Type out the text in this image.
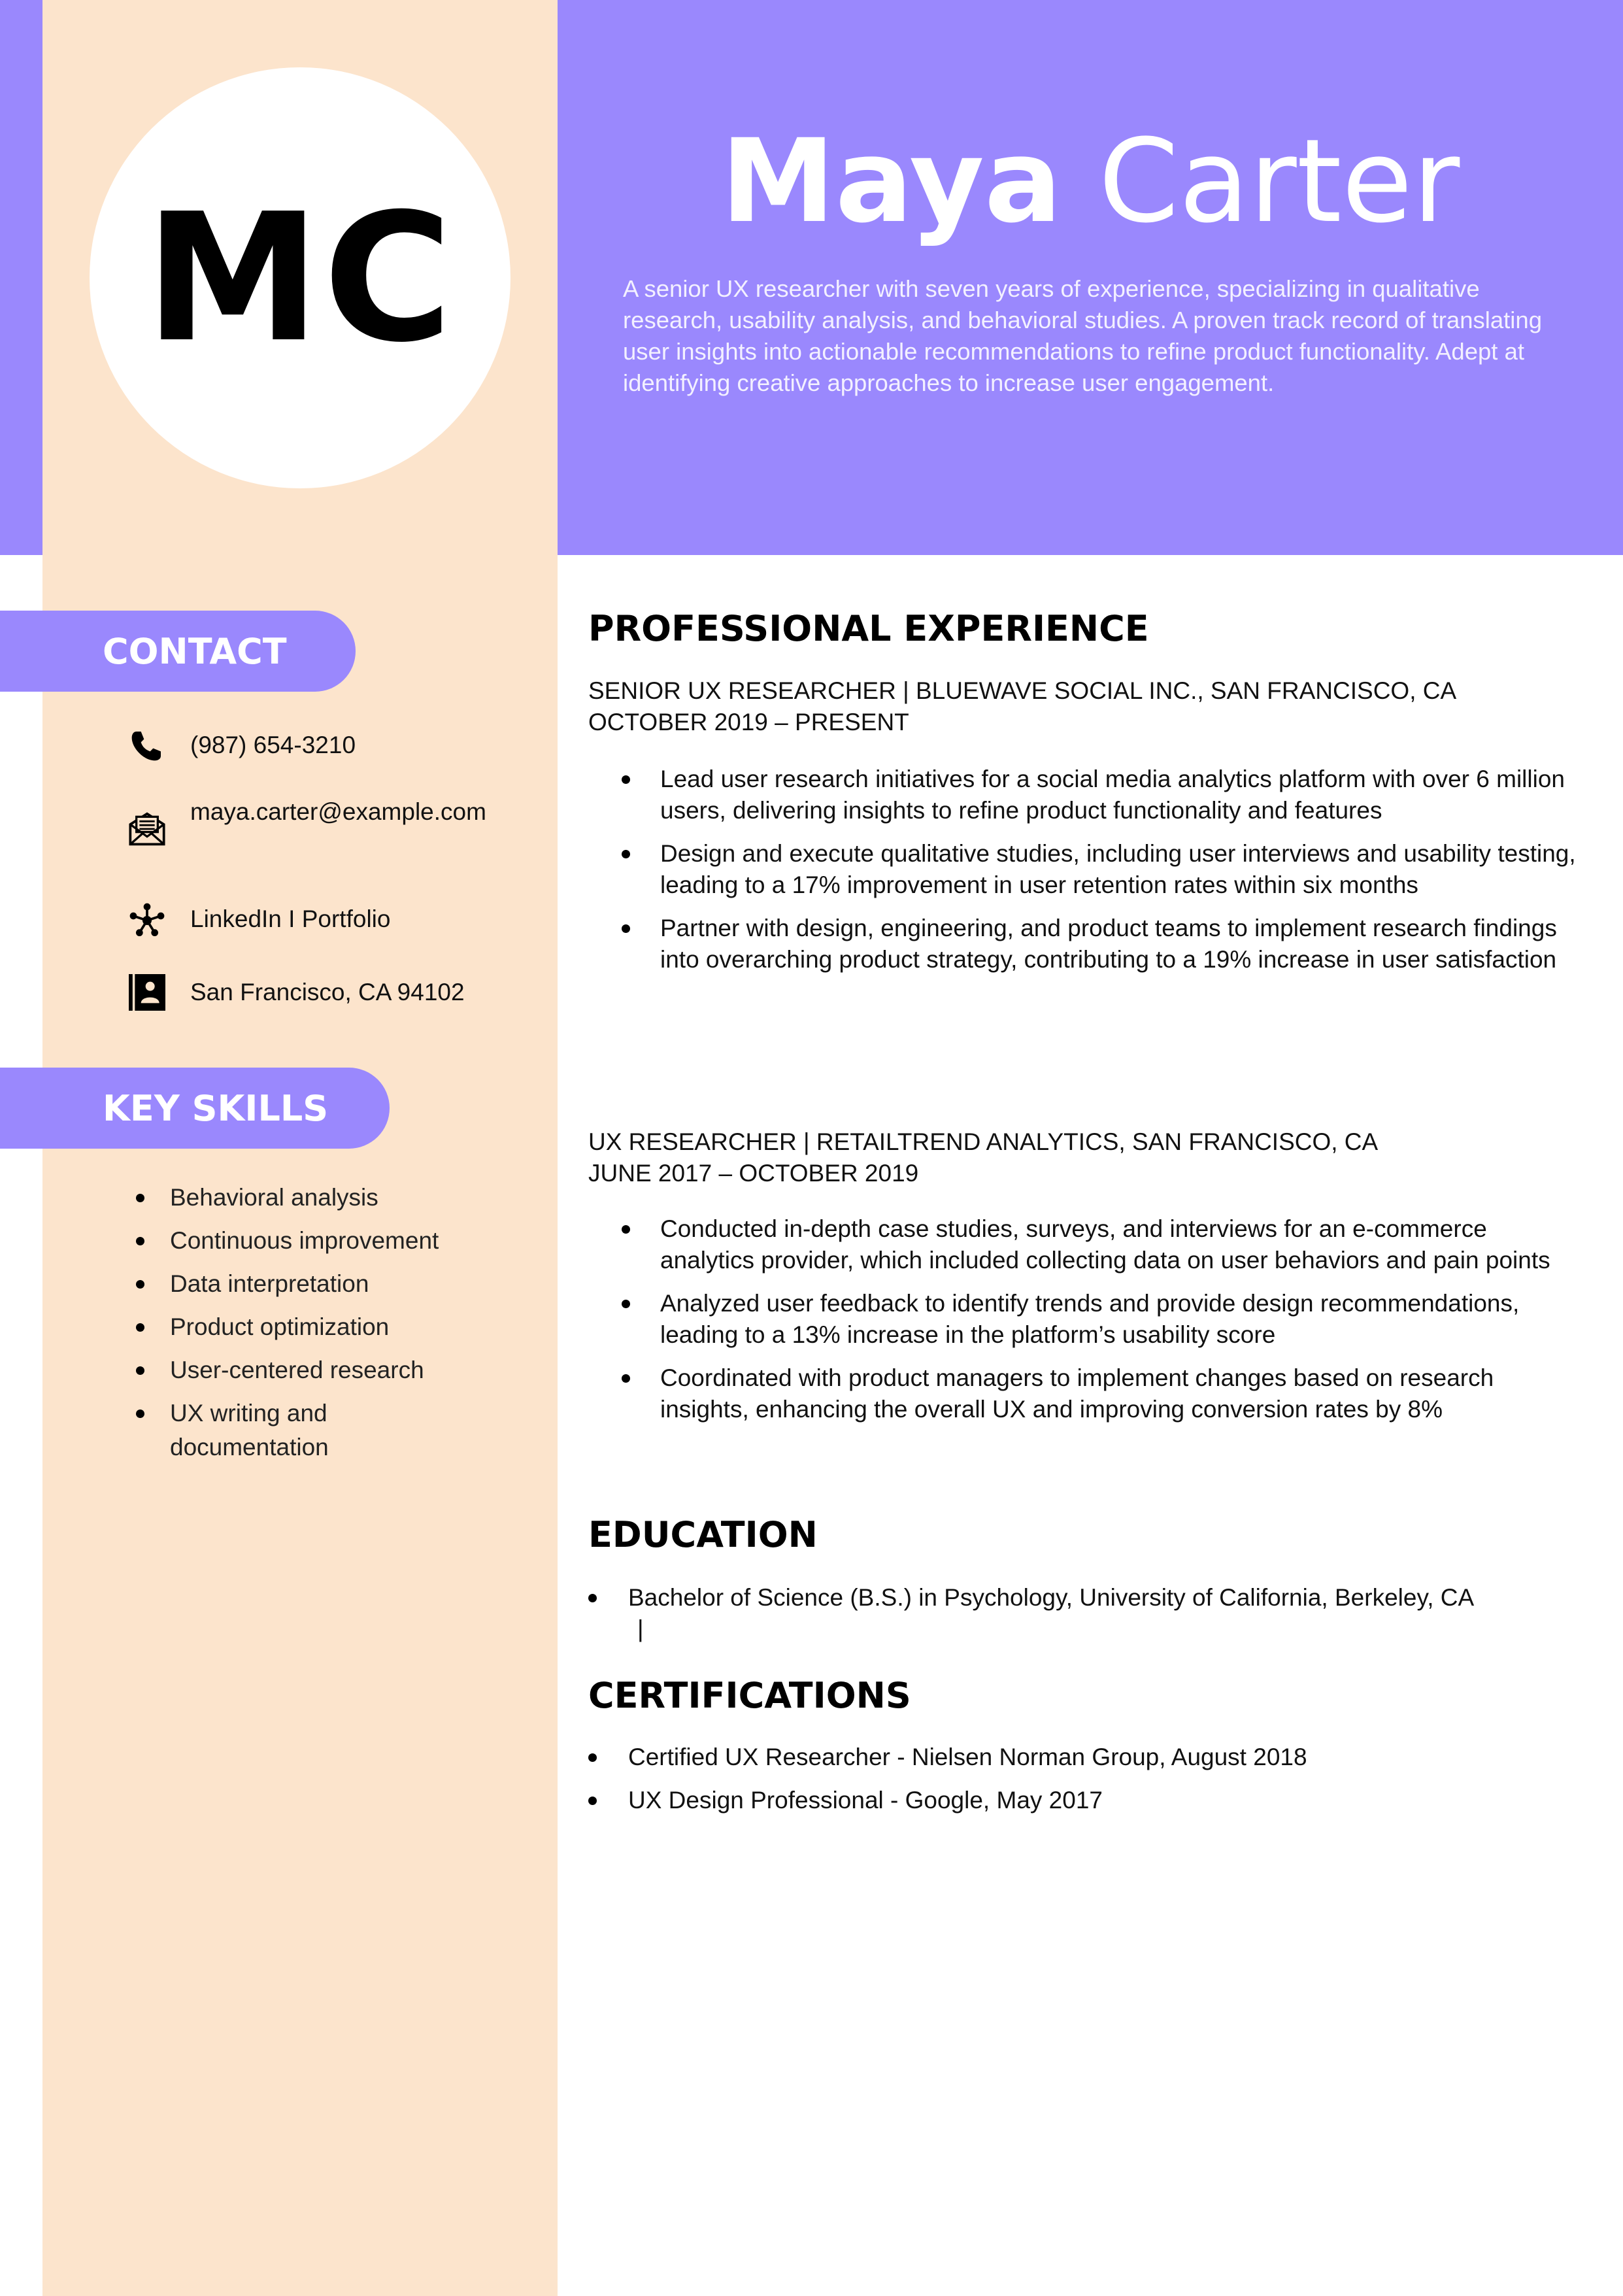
MC	Maya Carter
A senior UX researcher with seven years of experience, specializing in qualitative research, usability analysis, and behavioral studies. A proven track record of translating user insights into actionable recommendations to refine product functionality. Adept at identifying creative approaches to increase user engagement.
CONTACT
(987) 654-3210
maya.carter@example.com
LinkedIn I Portfolio
San Francisco, CA 94102
KEY SKILLS
Behavioral analysis
Continuous improvement
Data interpretation
Product optimization
User-centered research
UX writing and documentation
PROFESSIONAL EXPERIENCE
SENIOR UX RESEARCHER | BLUEWAVE SOCIAL INC., SAN FRANCISCO, CA
OCTOBER 2019 – PRESENT
Lead user research initiatives for a social media analytics platform with over 6 million users, delivering insights to refine product functionality and features
Design and execute qualitative studies, including user interviews and usability testing, leading to a 17% improvement in user retention rates within six months
Partner with design, engineering, and product teams to implement research findings into overarching product strategy, contributing to a 19% increase in user satisfaction
UX RESEARCHER | RETAILTREND ANALYTICS, SAN FRANCISCO, CA
JUNE 2017 – OCTOBER 2019
Conducted in-depth case studies, surveys, and interviews for an e-commerce analytics provider, which included collecting data on user behaviors and pain points
Analyzed user feedback to identify trends and provide design recommendations, leading to a 13% increase in the platform’s usability score
Coordinated with product managers to implement changes based on research insights, enhancing the overall UX and improving conversion rates by 8%
EDUCATION
Bachelor of Science (B.S.) in Psychology, University of California, Berkeley, CA
|
CERTIFICATIONS
Certified UX Researcher - Nielsen Norman Group, August 2018
UX Design Professional - Google, May 2017
